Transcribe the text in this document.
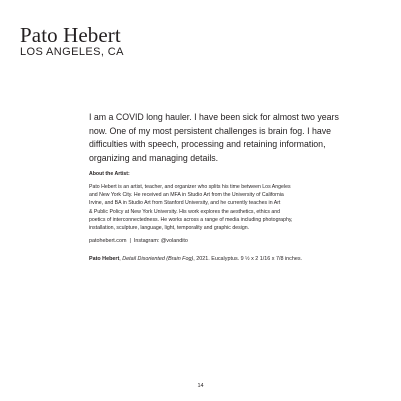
Pato Hebert
LOS ANGELES, CA
I am a COVID long hauler. I have been sick for almost two years
now. One of my most persistent challenges is brain fog. I have
difficulties with speech, processing and retaining information,
organizing and managing details.
About the Artist:
Pato Hebert is an artist, teacher, and organizer who splits his time between Los Angeles
and New York City. He received an MFA in Studio Art from the University of California
Irvine, and BA in Studio Art from Stanford University, and he currently teaches in Art
& Public Policy at New York University. His work explores the aesthetics, ethics and
poetics of interconnectedness. He works across a range of media including photography,
installation, sculpture, language, light, temporality and graphic design.
patohebert.com | Instagram: @volandito
Pato Hebert, Detail Disoriented (Brain Fog), 2021. Eucalyptus. 9 ½ x 2 1/16 x 7/8 inches.
14
